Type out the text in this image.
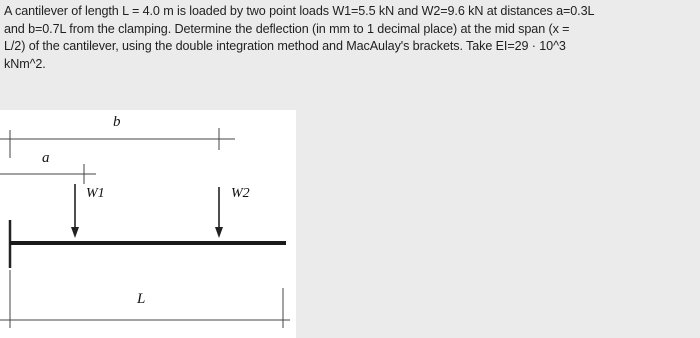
A cantilever of length L = 4.0 m is loaded by two point loads W1=5.5 kN and W2=9.6 kN at distances a=0.3L
and b=0.7L from the clamping. Determine the deflection (in mm to 1 decimal place) at the mid span (x =
L/2) of the cantilever, using the double integration method and MacAulay's brackets. Take EI=29 · 10^3
kNm^2.
b
a
W1	W2
L
